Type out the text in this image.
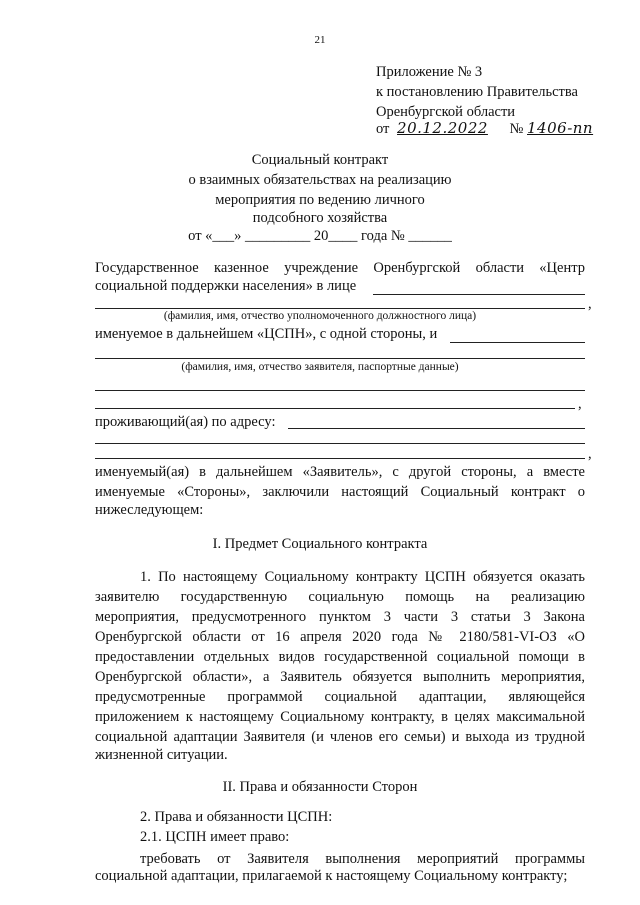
21
Приложение № 3
к постановлению Правительства
Оренбургской области
от 20.12.2022 № 1406-пп
Социальный контракт
о взаимных обязательствах на реализацию
мероприятия по ведению личного
подсобного хозяйства
от «___» _________ 20____ года № ______
Государственное казенное учреждение Оренбургской области «Центр
социальной поддержки населения» в лице
,
(фамилия, имя, отчество уполномоченного должностного лица)
именуемое в дальнейшем «ЦСПН», с одной стороны, и
(фамилия, имя, отчество заявителя, паспортные данные)
,
проживающий(ая) по адресу:
,
именуемый(ая) в дальнейшем «Заявитель», с другой стороны, а вместе
именуемые «Стороны», заключили настоящий Социальный контракт о
нижеследующем:
I. Предмет Социального контракта
1. По настоящему Социальному контракту ЦСПН обязуется оказать
заявителю государственную социальную помощь на реализацию
мероприятия, предусмотренного пунктом 3 части 3 статьи 3 Закона
Оренбургской области от 16 апреля 2020 года № 2180/581-VI-ОЗ «О
предоставлении отдельных видов государственной социальной помощи в
Оренбургской области», а Заявитель обязуется выполнить мероприятия,
предусмотренные программой социальной адаптации, являющейся
приложением к настоящему Социальному контракту, в целях максимальной
социальной адаптации Заявителя (и членов его семьи) и выхода из трудной
жизненной ситуации.
II. Права и обязанности Сторон
2. Права и обязанности ЦСПН:
2.1. ЦСПН имеет право:
требовать от Заявителя выполнения мероприятий программы
социальной адаптации, прилагаемой к настоящему Социальному контракту;
